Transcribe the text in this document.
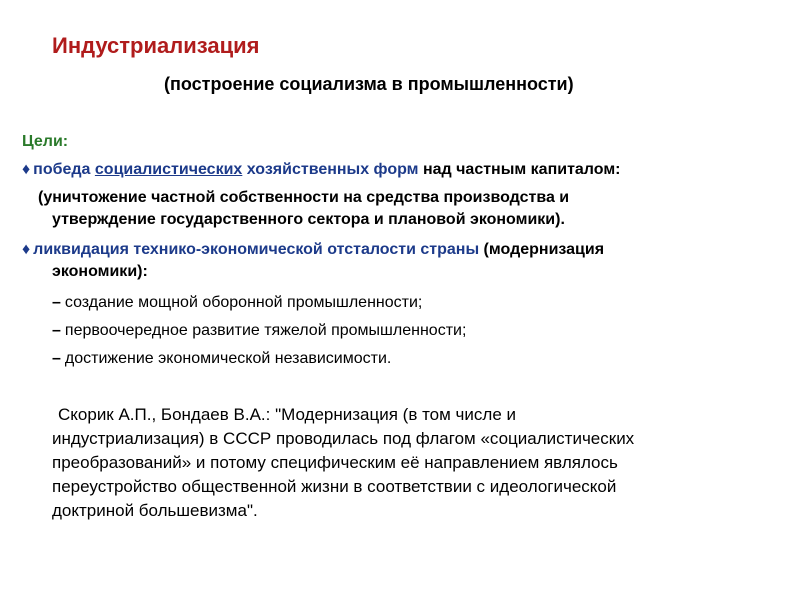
Индустриализация
(построение социализма в промышленности)
Цели:
♦ победа социалистических хозяйственных форм над частным капиталом:
(уничтожение частной собственности на средства производства и
утверждение государственного сектора и плановой экономики).
♦ ликвидация технико-экономической отсталости страны (модернизация
экономики):
– создание мощной оборонной промышленности;
– первоочередное развитие тяжелой промышленности;
– достижение экономической независимости.

Скорик А.П., Бондаев В.А.: "Модернизация (в том числе и

индустриализация) в СССР проводилась под флагом «социалистических

преобразований» и потому специфическим её направлением являлось

переустройство общественной жизни в соответствии с идеологической

доктриной большевизма".
